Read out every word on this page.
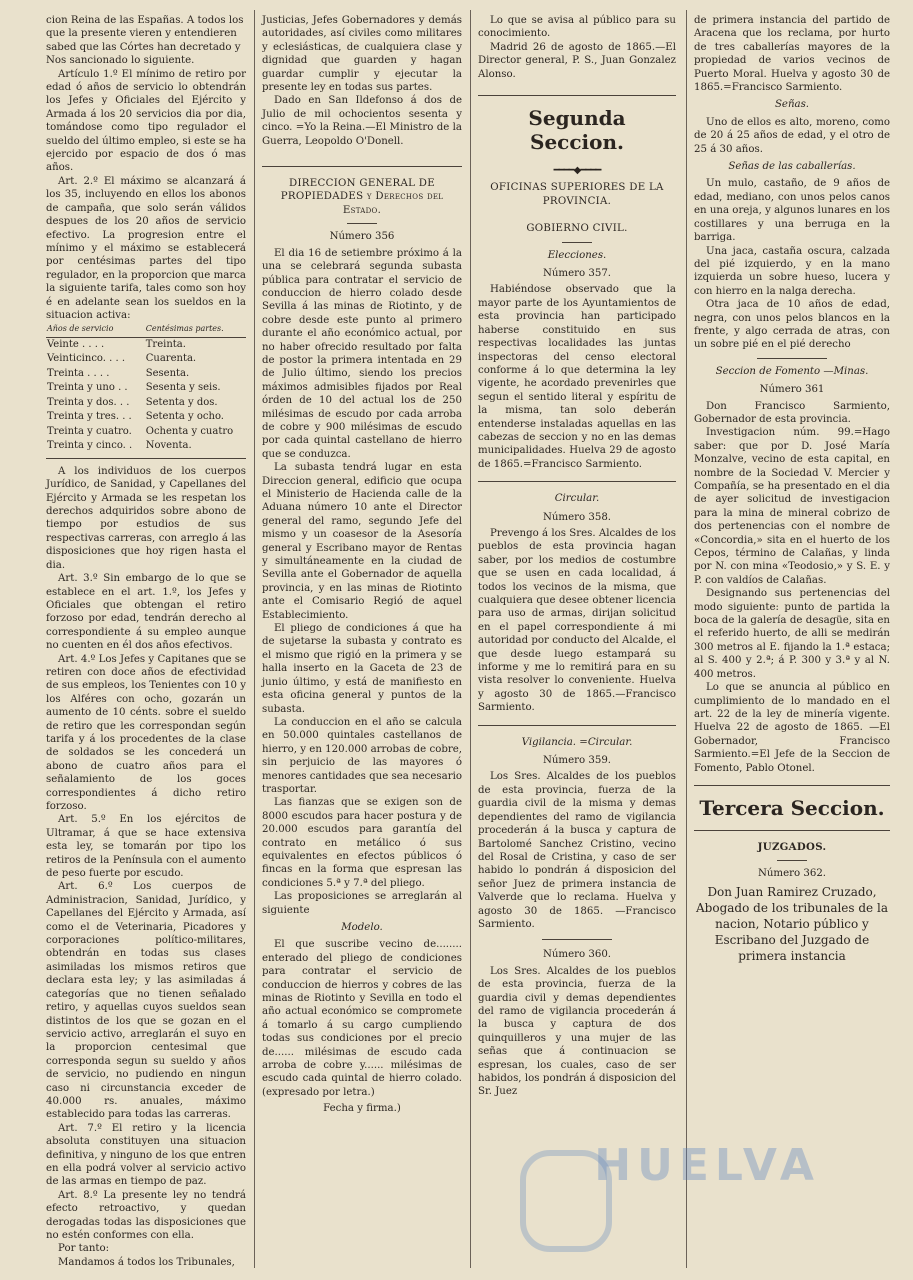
cion Reina de las Españas. A todos los que la presente vieren y entendieren sabed que las Córtes han decretado y Nos sancionado lo siguiente.

Artículo 1.º El mínimo de retiro por edad ó años de servicio lo obtendrán los Jefes y Oficiales del Ejército y Armada á los 20 servicios dia por dia, tomándose como tipo regulador el sueldo del último empleo, si este se ha ejercido por espacio de dos ó mas años.

Art. 2.º El máximo se alcanzará á los 35, incluyendo en ellos los abonos de campaña, que solo serán válidos despues de los 20 años de servicio efectivo. La progresion entre el mínimo y el máximo se establecerá por centésimas partes del tipo regulador, en la proporcion que marca la siguiente tarifa, tales como son hoy é en adelante sean los sueldos en la situacion activa:

Años de servicio	Centésimas partes.
Veinte . . . .	Treinta.
Veinticinco. . . .	Cuarenta.
Treinta . . . .	Sesenta.
Treinta y uno . .	Sesenta y seis.
Treinta y dos. . .	Setenta y dos.
Treinta y tres. . .	Setenta y ocho.
Treinta y cuatro.	Ochenta y cuatro
Treinta y cinco. .	Noventa.

A los individuos de los cuerpos Jurídico, de Sanidad, y Capellanes del Ejército y Armada se les respetan los derechos adquiridos sobre abono de tiempo por estudios de sus respectivas carreras, con arreglo á las disposiciones que hoy rigen hasta el dia.

Art. 3.º Sin embargo de lo que se establece en el art. 1.º, los Jefes y Oficiales que obtengan el retiro forzoso por edad, tendrán derecho al correspondiente á su empleo aunque no cuenten en él dos años efectivos.

Art. 4.º Los Jefes y Capitanes que se retiren con doce años de efectividad de sus empleos, los Tenientes con 10 y los Alféres con ocho, gozarán un aumento de 10 cénts. sobre el sueldo de retiro que les correspondan según tarifa y á los procedentes de la clase de soldados se les concederá un abono de cuatro años para el señalamiento de los goces correspondientes á dicho retiro forzoso.

Art. 5.º En los ejércitos de Ultramar, á que se hace extensiva esta ley, se tomarán por tipo los retiros de la Península con el aumento de peso fuerte por escudo.

Art. 6.º Los cuerpos de Administracion, Sanidad, Jurídico, y Capellanes del Ejército y Armada, así como el de Veterinaria, Picadores y corporaciones político-militares, obtendrán en todas sus clases asimiladas los mismos retiros que declara esta ley; y las asimiladas á categorías que no tienen señalado retiro, y aquellas cuyos sueldos sean distintos de los que se gozan en el servicio activo, arreglarán el suyo en la proporcion centesimal que corresponda segun su sueldo y años de servicio, no pudiendo en ningun caso ni circunstancia exceder de 40.000 rs. anuales, máximo establecido para todas las carreras.

Art. 7.º El retiro y la licencia absoluta constituyen una situacion definitiva, y ninguno de los que entren en ella podrá volver al servicio activo de las armas en tiempo de paz.

Art. 8.º La presente ley no tendrá efecto retroactivo, y quedan derogadas todas las disposiciones que no estén conformes con ella.

Por tanto:

Mandamos á todos los Tribunales,

Justicias, Jefes Gobernadores y demás autoridades, así civiles como militares y eclesiásticas, de cualquiera clase y dignidad que guarden y hagan guardar cumplir y ejecutar la presente ley en todas sus partes.

Dado en San Ildefonso á dos de Julio de mil ochocientos sesenta y cinco. =Yo la Reina.—El Ministro de la Guerra, Leopoldo O'Donell.

DIRECCION GENERAL DE PROPIEDADES y Derechos del Estado.

Número 356

El dia 16 de setiembre próximo á la una se celebrará segunda subasta pública para contratar el servicio de conduccion de hierro colado desde Sevilla á las minas de Riotinto, y de cobre desde este punto al primero durante el año económico actual, por no haber ofrecido resultado por falta de postor la primera intentada en 29 de Julio último, siendo los precios máximos admisibles fijados por Real órden de 10 del actual los de 250 milésimas de escudo por cada arroba de cobre y 900 milésimas de escudo por cada quintal castellano de hierro que se conduzca.

La subasta tendrá lugar en esta Direccion general, edificio que ocupa el Ministerio de Hacienda calle de la Aduana número 10 ante el Director general del ramo, segundo Jefe del mismo y un coasesor de la Asesoría general y Escribano mayor de Rentas y simultáneamente en la ciudad de Sevilla ante el Gobernador de aquella provincia, y en las minas de Riotinto ante el Comisario Regió de aquel Establecimiento.

El pliego de condiciones á que ha de sujetarse la subasta y contrato es el mismo que rigió en la primera y se halla inserto en la Gaceta de 23 de junio último, y está de manifiesto en esta oficina general y puntos de la subasta.

La conduccion en el año se calcula en 50.000 quintales castellanos de hierro, y en 120.000 arrobas de cobre, sin perjuicio de las mayores ó menores cantidades que sea necesario trasportar.

Las fianzas que se exigen son de 8000 escudos para hacer postura y de 20.000 escudos para garantía del contrato en metálico ó sus equivalentes en efectos públicos ó fincas en la forma que espresan las condiciones 5.ª y 7.ª del pliego.

Las proposiciones se arreglarán al siguiente

Modelo.

El que suscribe vecino de........ enterado del pliego de condiciones para contratar el servicio de conduccion de hierros y cobres de las minas de Riotinto y Sevilla en todo el año actual económico se compromete á tomarlo á su cargo cumpliendo todas sus condiciones por el precio de...... milésimas de escudo cada arroba de cobre y...... milésimas de escudo cada quintal de hierro colado. (expresado por letra.)

Fecha y firma.)

Lo que se avisa al público para su conocimiento.

Madrid 26 de agosto de 1865.—El Director general, P. S., Juan Gonzalez Alonso.

Segunda Seccion.

━━━━◆━━━━

OFICINAS SUPERIORES DE LA PROVINCIA.

GOBIERNO CIVIL.

Elecciones.

Número 357.

Habiéndose observado que la mayor parte de los Ayuntamientos de esta provincia han participado haberse constituido en sus respectivas localidades las juntas inspectoras del censo electoral conforme á lo que determina la ley vigente, he acordado prevenirles que segun el sentido literal y espíritu de la misma, tan solo deberán entenderse instaladas aquellas en las cabezas de seccion y no en las demas municipalidades. Huelva 29 de agosto de 1865.=Francisco Sarmiento.

Circular.

Número 358.

Prevengo á los Sres. Alcaldes de los pueblos de esta provincia hagan saber, por los medios de costumbre que se usen en cada localidad, á todos los vecinos de la misma, que cualquiera que desee obtener licencia para uso de armas, dirijan solicitud en el papel correspondiente á mi autoridad por conducto del Alcalde, el que desde luego estampará su informe y me lo remitirá para en su vista resolver lo conveniente. Huelva y agosto 30 de 1865.—Francisco Sarmiento.

Vigilancia. =Circular.

Número 359.

Los Sres. Alcaldes de los pueblos de esta provincia, fuerza de la guardia civil de la misma y demas dependientes del ramo de vigilancia procederán á la busca y captura de Bartolomé Sanchez Cristino, vecino del Rosal de Cristina, y caso de ser habido lo pondrán á disposicion del señor Juez de primera instancia de Valverde que lo reclama. Huelva y agosto 30 de 1865. —Francisco Sarmiento.

Número 360.

Los Sres. Alcaldes de los pueblos de esta provincia, fuerza de la guardia civil y demas dependientes del ramo de vigilancia procederán á la busca y captura de dos quinquilleros y una mujer de las señas que á continuacion se espresan, los cuales, caso de ser habidos, los pondrán á disposicion del Sr. Juez

de primera instancia del partido de Aracena que los reclama, por hurto de tres caballerías mayores de la propiedad de varios vecinos de Puerto Moral. Huelva y agosto 30 de 1865.=Francisco Sarmiento.

Señas.

Uno de ellos es alto, moreno, como de 20 á 25 años de edad, y el otro de 25 á 30 años.

Señas de las caballerías.

Un mulo, castaño, de 9 años de edad, mediano, con unos pelos canos en una oreja, y algunos lunares en los costillares y una berruga en la barriga.

Una jaca, castaña oscura, calzada del pié izquierdo, y en la mano izquierda un sobre hueso, lucera y con hierro en la nalga derecha.

Otra jaca de 10 años de edad, negra, con unos pelos blancos en la frente, y algo cerrada de atras, con un sobre pié en el pié derecho

Seccion de Fomento —Minas.

Número 361

Don Francisco Sarmiento, Gobernador de esta provincia.

Investigacion núm. 99.=Hago saber: que por D. José María Monzalve, vecino de esta capital, en nombre de la Sociedad V. Mercier y Compañía, se ha presentado en el dia de ayer solicitud de investigacion para la mina de mineral cobrizo de dos pertenencias con el nombre de «Concordia,» sita en el huerto de los Cepos, término de Calañas, y linda por N. con mina «Teodosio,» y S. E. y P. con valdíos de Calañas.

Designando sus pertenencias del modo siguiente: punto de partida la boca de la galería de desagüe, sita en el referido huerto, de alli se medirán 300 metros al E. fijando la 1.ª estaca; al S. 400 y 2.ª; á P. 300 y 3.ª y al N. 400 metros.

Lo que se anuncia al público en cumplimiento de lo mandado en el art. 22 de la ley de minería vigente. Huelva 22 de agosto de 1865. —El Gobernador, Francisco Sarmiento.=El Jefe de la Seccion de Fomento, Pablo Otonel.

Tercera Seccion.

JUZGADOS.

Número 362.

Don Juan Ramirez Cruzado, Abogado de los tribunales de la nacion, Notario público y Escribano del Juzgado de primera instancia

HUELVA
